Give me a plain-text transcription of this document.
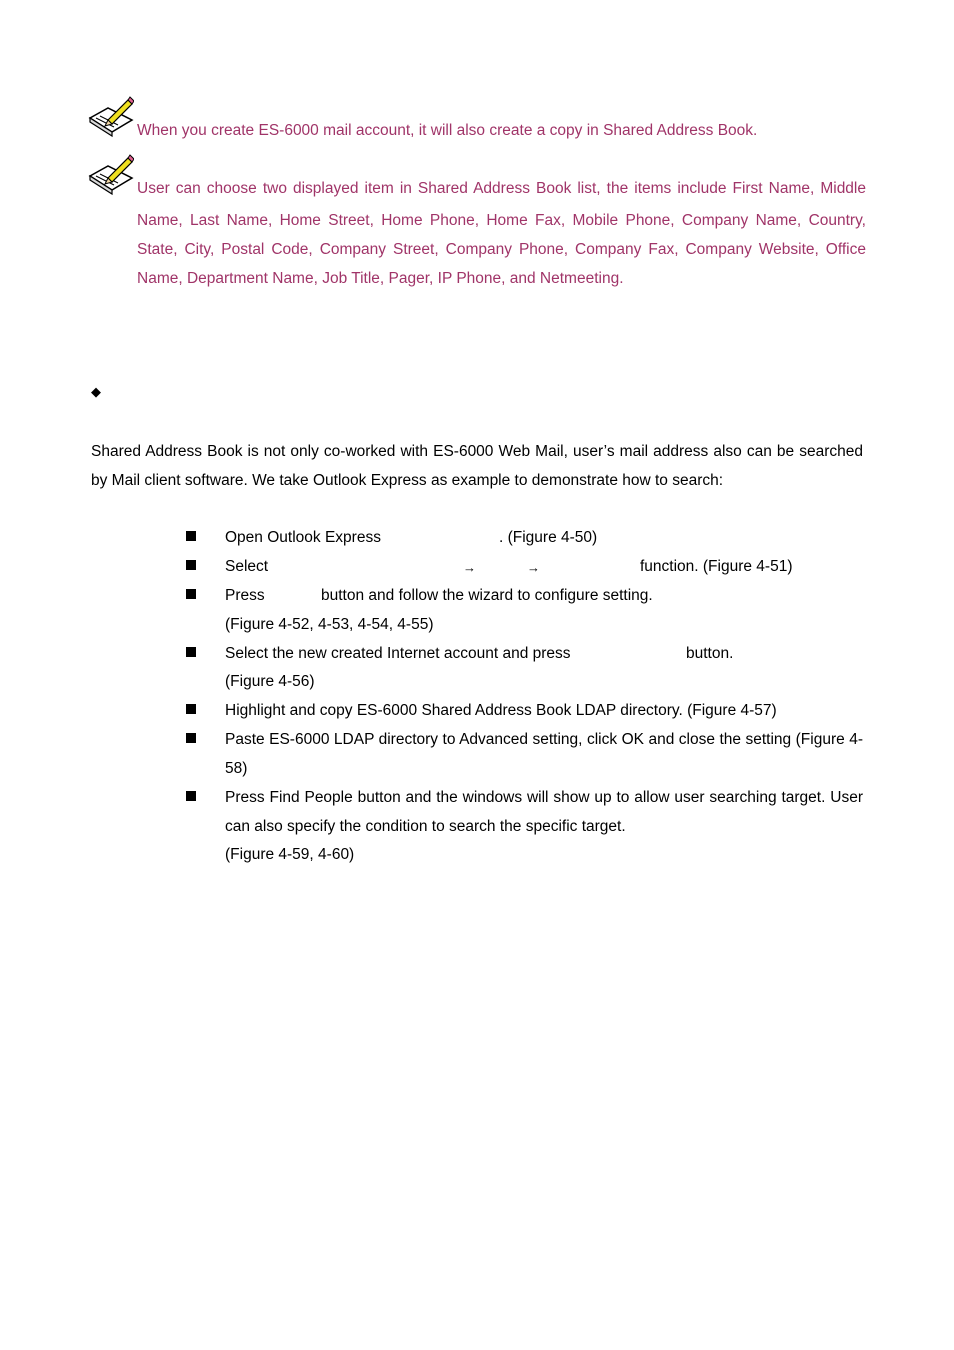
When you create ES-6000 mail account, it will also create a copy in Shared Address Book.
User can choose two displayed item in Shared Address Book list, the items include First Name, Middle
Name, Last Name, Home Street, Home Phone, Home Fax, Mobile Phone, Company Name, Country, State, City, Postal Code, Company Street, Company Phone, Company Fax, Company Website, Office Name, Department Name, Job Title, Pager, IP Phone, and Netmeeting.
◆
Shared Address Book is not only co-worked with ES-6000 Web Mail, user’s mail address also can be searched by Mail client software. We take Outlook Express as example to demonstrate how to search:
Open Outlook Express	. (Figure 4-50)
Select	→	→	function. (Figure 4-51)
Press	button and follow the wizard to configure setting.
(Figure 4-52, 4-53, 4-54, 4-55)
Select the new created Internet account and press	button.
(Figure 4-56)
Highlight and copy ES-6000 Shared Address Book LDAP directory. (Figure 4-57)
Paste ES-6000 LDAP directory to Advanced setting, click OK and close the setting (Figure 4-58)
Press Find People button and the windows will show up to allow user searching target. User can also specify the condition to search the specific target.
(Figure 4-59, 4-60)
